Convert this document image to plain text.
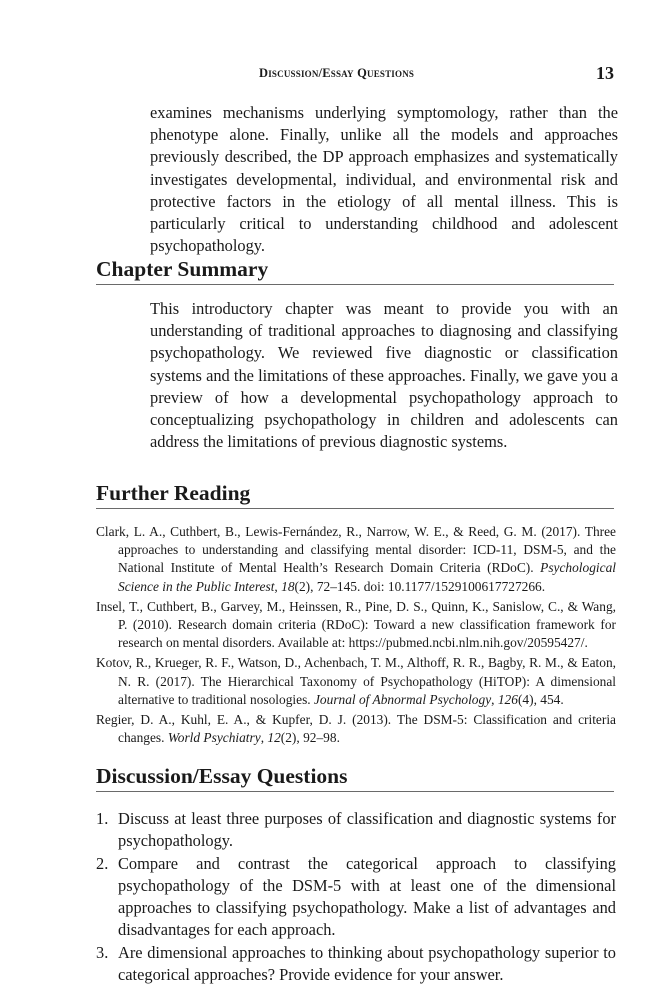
Discussion/Essay Questions	13

examines mechanisms underlying symptomology, rather than the phenotype alone. Finally, unlike all the models and approaches previously described, the DP approach emphasizes and systematically investigates developmental, individual, and environmental risk and protective factors in the etiology of all mental illness. This is particularly critical to understanding childhood and adolescent psychopathology.

Chapter Summary

This introductory chapter was meant to provide you with an understanding of traditional approaches to diagnosing and classifying psychopathology. We reviewed five diagnostic or classification systems and the limitations of these approaches. Finally, we gave you a preview of how a developmental psychopathology approach to conceptualizing psychopathology in children and adolescents can address the limitations of previous diagnostic systems.

Further Reading
Clark, L. A., Cuthbert, B., Lewis-Fernández, R., Narrow, W. E., & Reed, G. M. (2017). Three approaches to understanding and classifying mental disorder: ICD-11, DSM-5, and the National Institute of Mental Health’s Research Domain Criteria (RDoC). Psychological Science in the Public Interest, 18(2), 72–145. doi: 10.1177/1529100617727266.
Insel, T., Cuthbert, B., Garvey, M., Heinssen, R., Pine, D. S., Quinn, K., Sanislow, C., & Wang, P. (2010). Research domain criteria (RDoC): Toward a new classification framework for research on mental disorders. Available at: https://pubmed.ncbi.nlm.nih.gov/20595427/.
Kotov, R., Krueger, R. F., Watson, D., Achenbach, T. M., Althoff, R. R., Bagby, R. M., & Eaton, N. R. (2017). The Hierarchical Taxonomy of Psychopathology (HiTOP): A dimensional alternative to traditional nosologies. Journal of Abnormal Psychology, 126(4), 454.
Regier, D. A., Kuhl, E. A., & Kupfer, D. J. (2013). The DSM-5: Classification and criteria changes. World Psychiatry, 12(2), 92–98.
Discussion/Essay Questions
1. Discuss at least three purposes of classification and diagnostic systems for psychopathology.
2. Compare and contrast the categorical approach to classifying psychopathology of the DSM-5 with at least one of the dimensional approaches to classifying psychopathology. Make a list of advantages and disadvantages for each approach.
3. Are dimensional approaches to thinking about psychopathology superior to categorical approaches? Provide evidence for your answer.
